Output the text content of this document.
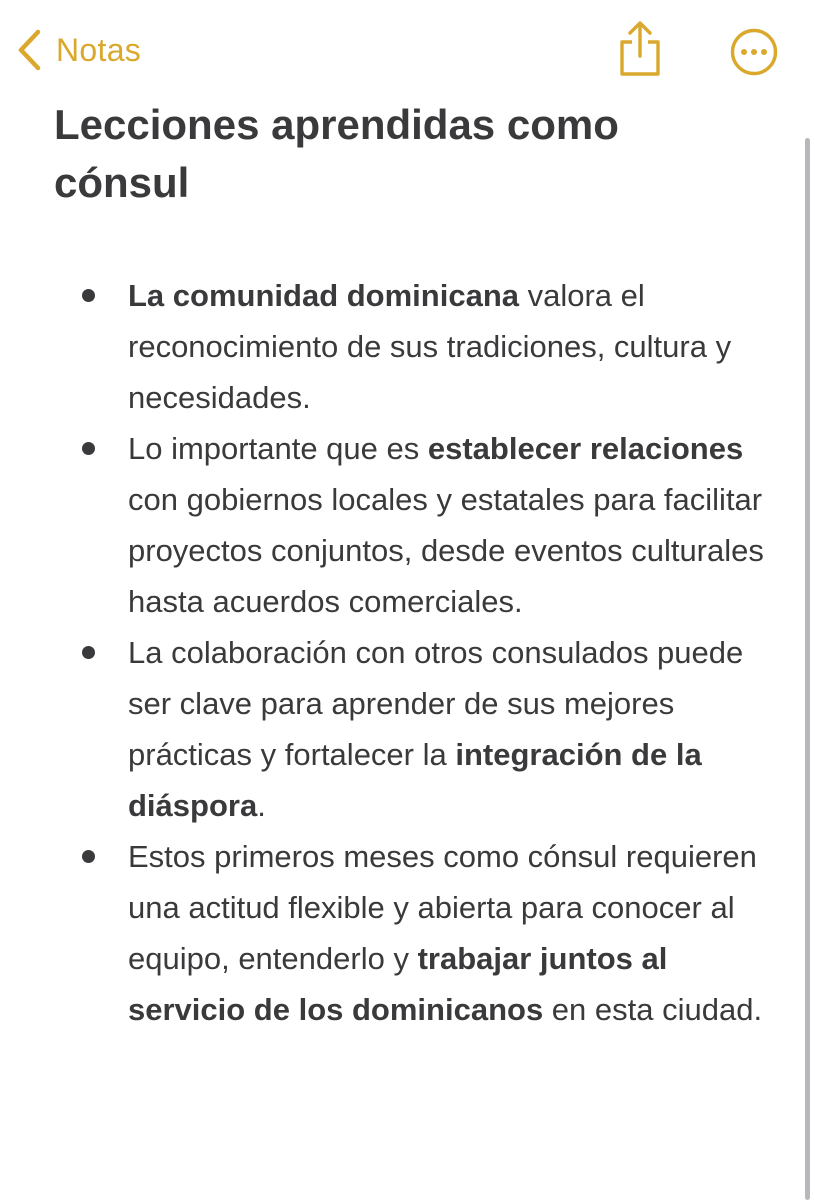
Notas
Lecciones aprendidas como cónsul
La comunidad dominicana valora el reconocimiento de sus tradiciones, cultura y necesidades.
Lo importante que es establecer relaciones con gobiernos locales y estatales para facilitar proyectos conjuntos, desde eventos culturales hasta acuerdos comerciales.
La colaboración con otros consulados puede ser clave para aprender de sus mejores prácticas y fortalecer la integración de la diáspora.
Estos primeros meses como cónsul requieren una actitud flexible y abierta para conocer al equipo, entenderlo y trabajar juntos al servicio de los dominicanos en esta ciudad.
